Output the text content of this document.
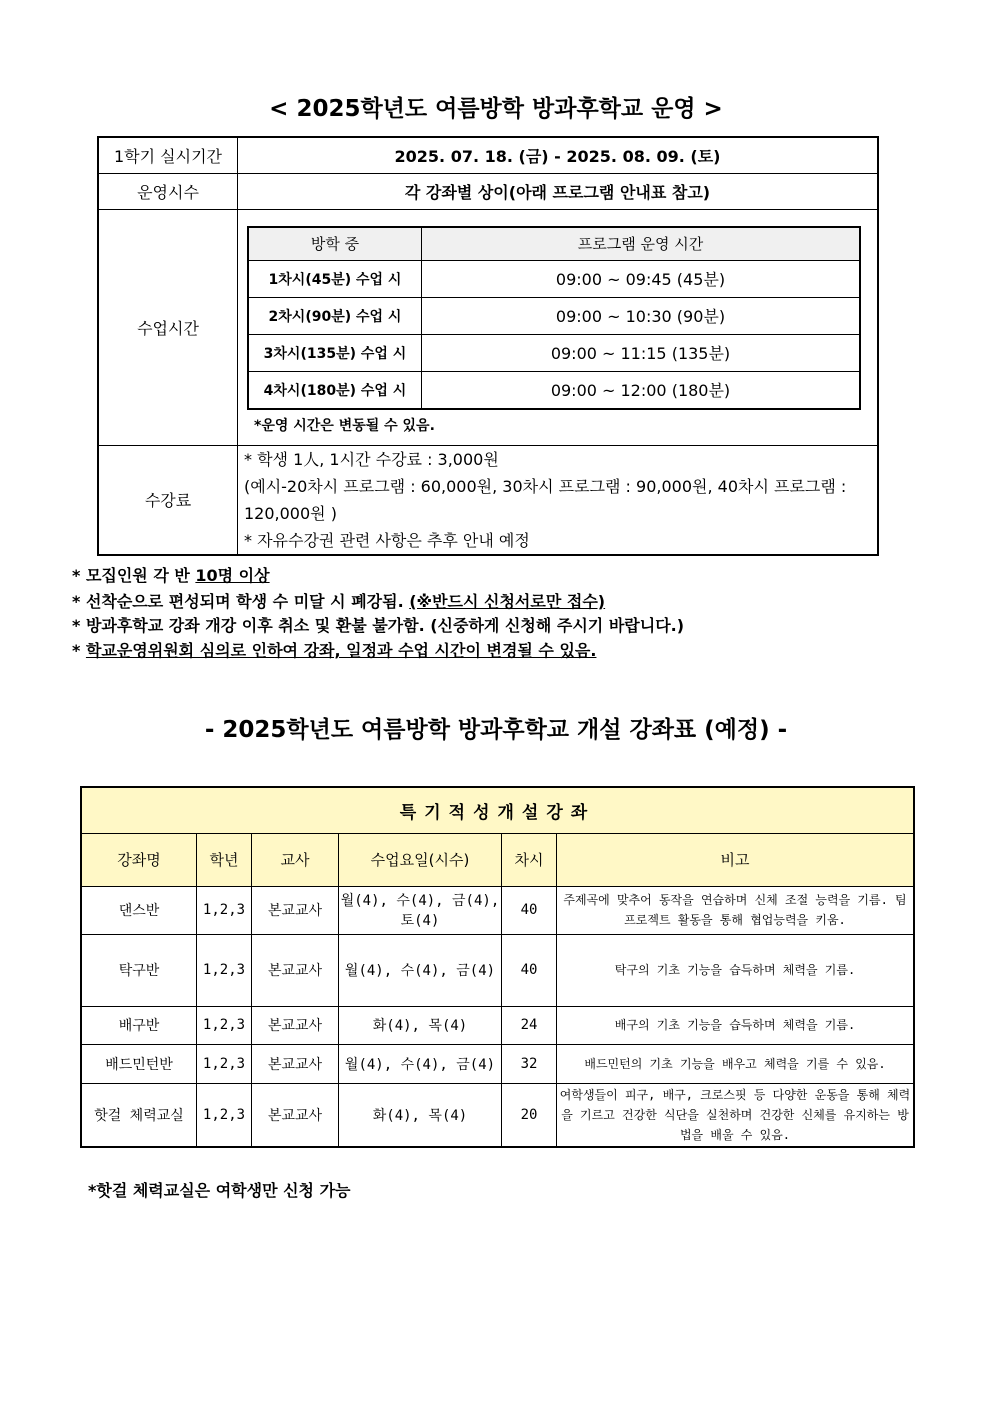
< 2025학년도 여름방학 방과후학교 운영 >
1학기 실시기간	2025. 07. 18. (금) - 2025. 08. 09. (토)
운영시수	각 강좌별 상이(아래 프로그램 안내표 참고)
수업시간	
방학 중	프로그램 운영 시간
1차시(45분) 수업 시	09:00 ~ 09:45 (45분)
2차시(90분) 수업 시	09:00 ~ 10:30 (90분)
3차시(135분) 수업 시	09:00 ~ 11:15 (135분)
4차시(180분) 수업 시	09:00 ~ 12:00 (180분)
*운영 시간은 변동될 수 있음.

수강료	
* 학생 1人, 1시간 수강료 : 3,000원
(예시-20차시 프로그램 : 60,000원, 30차시 프로그램 : 90,000원, 40차시 프로그램 : 120,000원 )
* 자유수강권 관련 사항은 추후 안내 예정
* 모집인원 각 반 10명 이상
* 선착순으로 편성되며 학생 수 미달 시 폐강됨. (※반드시 신청서로만 접수)
* 방과후학교 강좌 개강 이후 취소 및 환불 불가함. (신중하게 신청해 주시기 바랍니다.)
* 학교운영위원회 심의로 인하여 강좌, 일정과 수업 시간이 변경될 수 있음.
- 2025학년도 여름방학 방과후학교 개설 강좌표 (예정) -
특기적성개설강좌					
강좌명	학년	교사	수업요일(시수)	차시	비고
댄스반	1,2,3	본교교사	월(4), 수(4), 금(4), 토(4)	40	주제곡에 맞추어 동작을 연습하며 신체 조절 능력을 기름. 팀프로젝트 활동을 통해 협업능력을 키움.
탁구반	1,2,3	본교교사	월(4), 수(4), 금(4)	40	탁구의 기초 기능을 습득하며 체력을 기름.
배구반	1,2,3	본교교사	화(4), 목(4)	24	배구의 기초 기능을 습득하며 체력을 기름.
배드민턴반	1,2,3	본교교사	월(4), 수(4), 금(4)	32	배드민턴의 기초 기능을 배우고 체력을 기를 수 있음.
핫걸 체력교실	1,2,3	본교교사	화(4), 목(4)	20	여학생들이 피구, 배구, 크로스핏 등 다양한 운동을 통해 체력을 기르고 건강한 식단을 실천하며 건강한 신체를 유지하는 방법을 배울 수 있음.
*핫걸 체력교실은 여학생만 신청 가능
